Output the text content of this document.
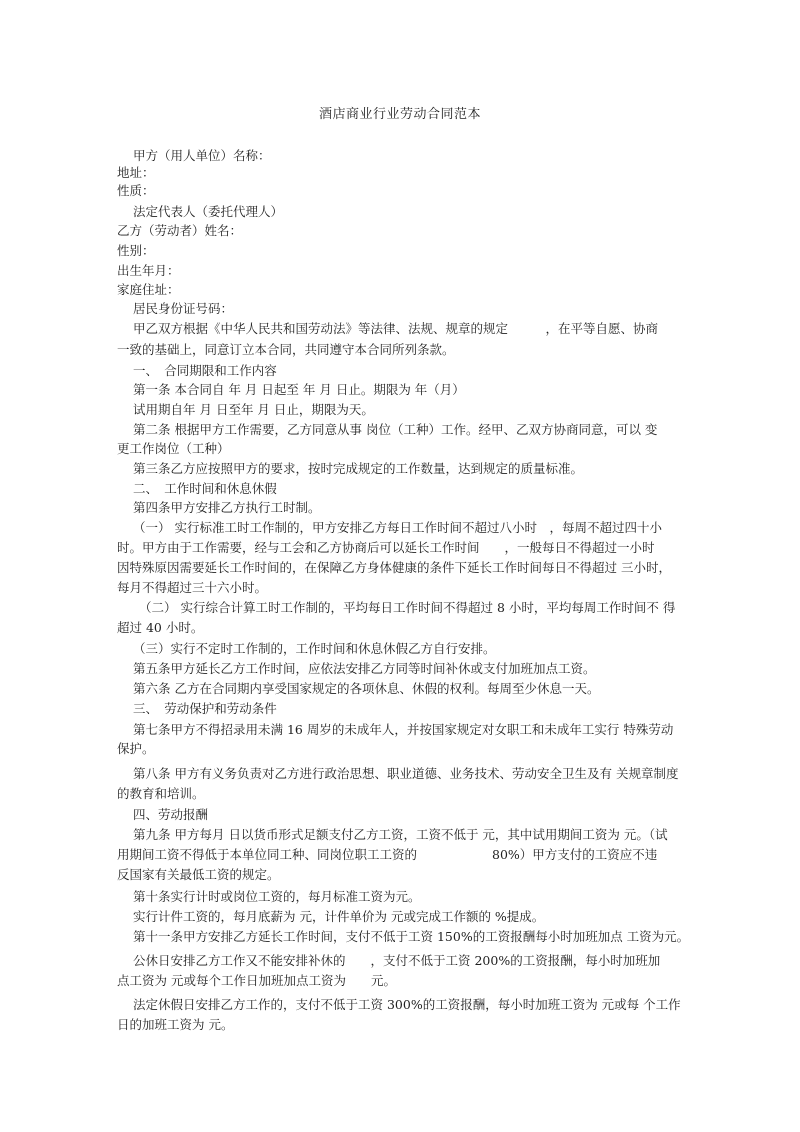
酒店商业行业劳动合同范本
甲方（用人单位）名称：
地址：
性质：
法定代表人（委托代理人）
乙方（劳动者）姓名：
性别：
出生年月：
家庭住址：
居民身份证号码：
甲乙双方根据《中华人民共和国劳动法》等法律、法规、规章的规定　　　，在平等自愿、协商
一致的基础上，同意订立本合同，共同遵守本合同所列条款。
一、　合同期限和工作内容
第一条 本合同自 年 月 日起至 年 月 日止。期限为 年（月）
试用期自年 月 日至年 月 日止，期限为天。
第二条 根据甲方工作需要，乙方同意从事 岗位（工种）工作。经甲、乙双方协商同意，可以 变
更工作岗位（工种）
第三条乙方应按照甲方的要求，按时完成规定的工作数量，达到规定的质量标准。
二、　工作时间和休息休假
第四条甲方安排乙方执行工时制。
（一） 实行标准工时工作制的，甲方安排乙方每日工作时间不超过八小时　，每周不超过四十小
时。甲方由于工作需要，经与工会和乙方协商后可以延长工作时间　　，一般每日不得超过一小时
因特殊原因需要延长工作时间的，在保障乙方身体健康的条件下延长工作时间每日不得超过 三小时，
每月不得超过三十六小时。
（二） 实行综合计算工时工作制的，平均每日工作时间不得超过 8 小时，平均每周工作时间不 得
超过 40 小时。
（三）实行不定时工作制的，工作时间和休息休假乙方自行安排。
第五条甲方延长乙方工作时间，应依法安排乙方同等时间补休或支付加班加点工资。
第六条 乙方在合同期内享受国家规定的各项休息、休假的权利。每周至少休息一天。
三、　劳动保护和劳动条件
第七条甲方不得招录用未满 16 周岁的未成年人，并按国家规定对女职工和未成年工实行 特殊劳动
保护。
第八条 甲方有义务负责对乙方进行政治思想、职业道德、业务技术、劳动安全卫生及有 关规章制度
的教育和培训。
四、劳动报酬
第九条 甲方每月 日以货币形式足额支付乙方工资，工资不低于 元，其中试用期间工资为 元。（试
用期间工资不得低于本单位同工种、同岗位职工工资的　　　　　　80%）甲方支付的工资应不违
反国家有关最低工资的规定。
第十条实行计时或岗位工资的，每月标准工资为元。
实行计件工资的，每月底薪为 元，计件单价为 元或完成工作额的 %提成。
第十一条甲方安排乙方延长工作时间，支付不低于工资 150%的工资报酬每小时加班加点 工资为元。
公休日安排乙方工作又不能安排补休的　　，支付不低于工资 200%的工资报酬，每小时加班加
点工资为 元或每个工作日加班加点工资为　　元。
法定休假日安排乙方工作的，支付不低于工资 300%的工资报酬，每小时加班工资为 元或每 个工作
日的加班工资为 元。
